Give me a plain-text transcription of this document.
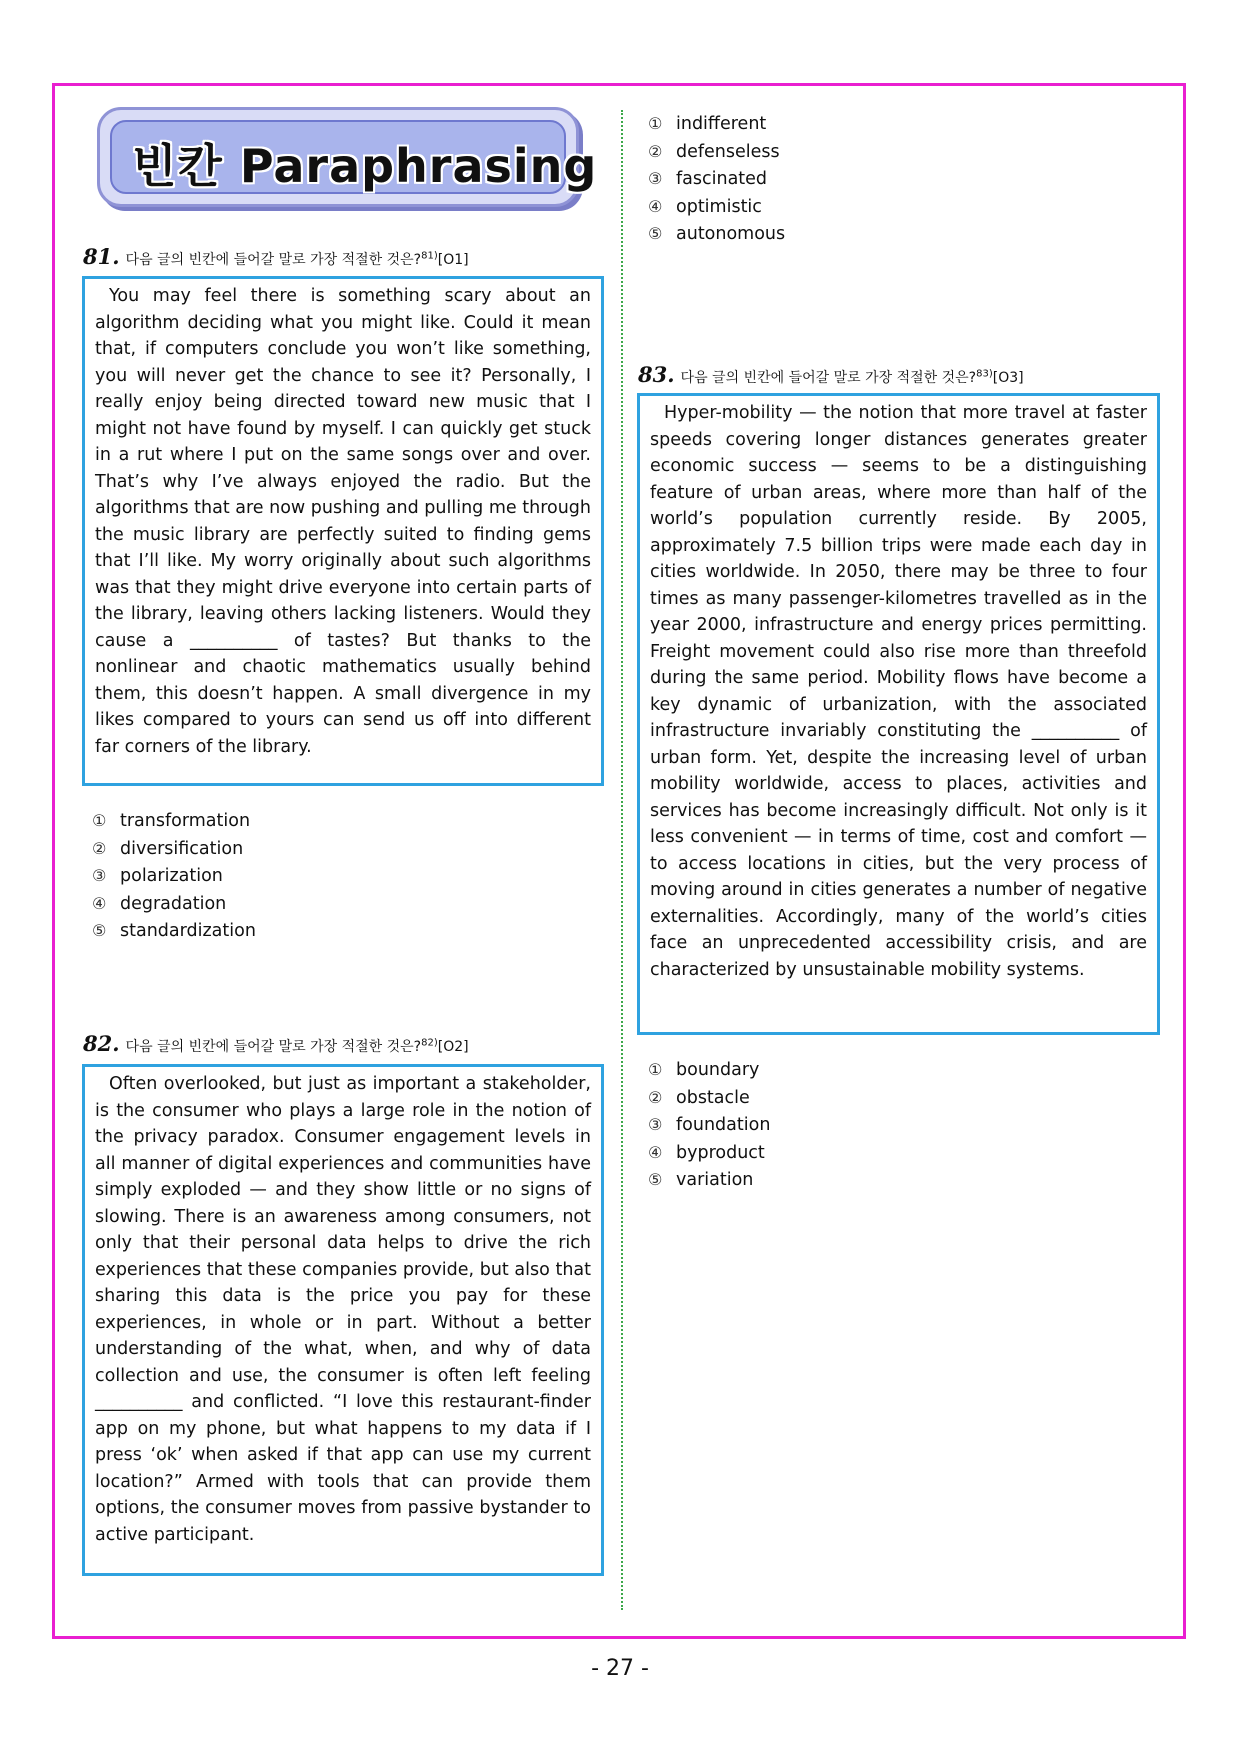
빈칸 Paraphrasing
81. 다음 글의 빈칸에 들어갈 말로 가장 적절한 것은?$^{81)}$[O1]

You may feel there is something scary about an algorithm deciding what you might like. Could it mean that, if computers conclude you won’t like something, you will never get the chance to see it? Personally, I really enjoy being directed toward new music that I might not have found by myself. I can quickly get stuck in a rut where I put on the same songs over and over. That’s why I’ve always enjoyed the radio. But the algorithms that are now pushing and pulling me through the music library are perfectly suited to finding gems that I’ll like. My worry originally about such algorithms was that they might drive everyone into certain parts of the library, leaving others lacking listeners. Would they cause a __________ of tastes? But thanks to the nonlinear and chaotic mathematics usually behind them, this doesn’t happen. A small divergence in my likes compared to yours can send us off into different far corners of the library.

① transformation
② diversification
③ polarization
④ degradation
⑤ standardization
82. 다음 글의 빈칸에 들어갈 말로 가장 적절한 것은?$^{82)}$[O2]

Often overlooked, but just as important a stakeholder, is the consumer who plays a large role in the notion of the privacy paradox. Consumer engagement levels in all manner of digital experiences and communities have simply exploded — and they show little or no signs of slowing. There is an awareness among consumers, not only that their personal data helps to drive the rich experiences that these companies provide, but also that sharing this data is the price you pay for these experiences, in whole or in part. Without a better understanding of the what, when, and why of data collection and use, the consumer is often left feeling __________ and conflicted. “I love this restaurant-finder app on my phone, but what happens to my data if I press ‘ok’ when asked if that app can use my current location?” Armed with tools that can provide them options, the consumer moves from passive bystander to active participant.

① indifferent
② defenseless
③ fascinated
④ optimistic
⑤ autonomous
83. 다음 글의 빈칸에 들어갈 말로 가장 적절한 것은?$^{83)}$[O3]

Hyper-mobility — the notion that more travel at faster speeds covering longer distances generates greater economic success — seems to be a distinguishing feature of urban areas, where more than half of the world’s population currently reside. By 2005, approximately 7.5 billion trips were made each day in cities worldwide. In 2050, there may be three to four times as many passenger-kilometres travelled as in the year 2000, infrastructure and energy prices permitting. Freight movement could also rise more than threefold during the same period. Mobility flows have become a key dynamic of urbanization, with the associated infrastructure invariably constituting the __________ of urban form. Yet, despite the increasing level of urban mobility worldwide, access to places, activities and services has become increasingly difficult. Not only is it less convenient — in terms of time, cost and comfort — to access locations in cities, but the very process of moving around in cities generates a number of negative externalities. Accordingly, many of the world’s cities face an unprecedented accessibility crisis, and are characterized by unsustainable mobility systems.

① boundary
② obstacle
③ foundation
④ byproduct
⑤ variation
- 27 -
